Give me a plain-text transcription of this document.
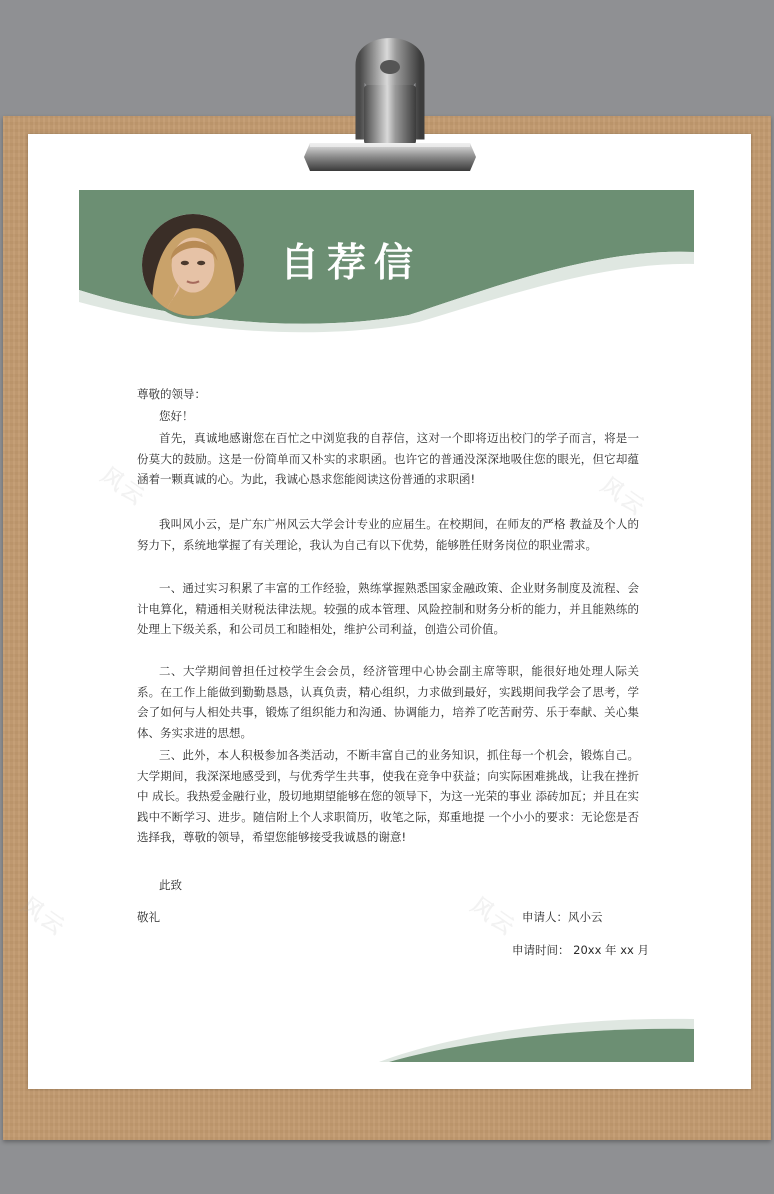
风云	风云
风云	风云
自荐信
尊敬的领导：
您好！
首先，真诚地感谢您在百忙之中浏览我的自荐信，这对一个即将迈出校门的学子而言，将是一份莫大的鼓励。这是一份简单而又朴实的求职函。也许它的普通没深深地吸住您的眼光，但它却蕴涵着一颗真诚的心。为此，我诚心恳求您能阅读这份普通的求职函!
我叫风小云，是广东广州风云大学会计专业的应届生。在校期间，在师友的严格 教益及个人的努力下，系统地掌握了有关理论，我认为自己有以下优势，能够胜任财务岗位的职业需求。
一、通过实习积累了丰富的工作经验，熟练掌握熟悉国家金融政策、企业财务制度及流程、会计电算化，精通相关财税法律法规。较强的成本管理、风险控制和财务分析的能力，并且能熟练的处理上下级关系，和公司员工和睦相处，维护公司利益，创造公司价值。
二、大学期间曾担任过校学生会会员，经济管理中心协会副主席等职，能很好地处理人际关系。在工作上能做到勤勤恳恳，认真负责，精心组织，力求做到最好，实践期间我学会了思考，学会了如何与人相处共事，锻炼了组织能力和沟通、协调能力，培养了吃苦耐劳、乐于奉献、关心集体、务实求进的思想。
三、此外，本人积极参加各类活动，不断丰富自己的业务知识，抓住每一个机会，锻炼自己。大学期间，我深深地感受到，与优秀学生共事，使我在竞争中获益；向实际困难挑战，让我在挫折中 成长。我热爱金融行业，殷切地期望能够在您的领导下，为这一光荣的事业 添砖加瓦；并且在实践中不断学习、进步。随信附上个人求职简历，收笔之际，郑重地提 一个小小的要求：无论您是否选择我，尊敬的领导，希望您能够接受我诚恳的谢意!
此致
敬礼	申请人：风小云
申请时间： 20xx 年 xx 月
